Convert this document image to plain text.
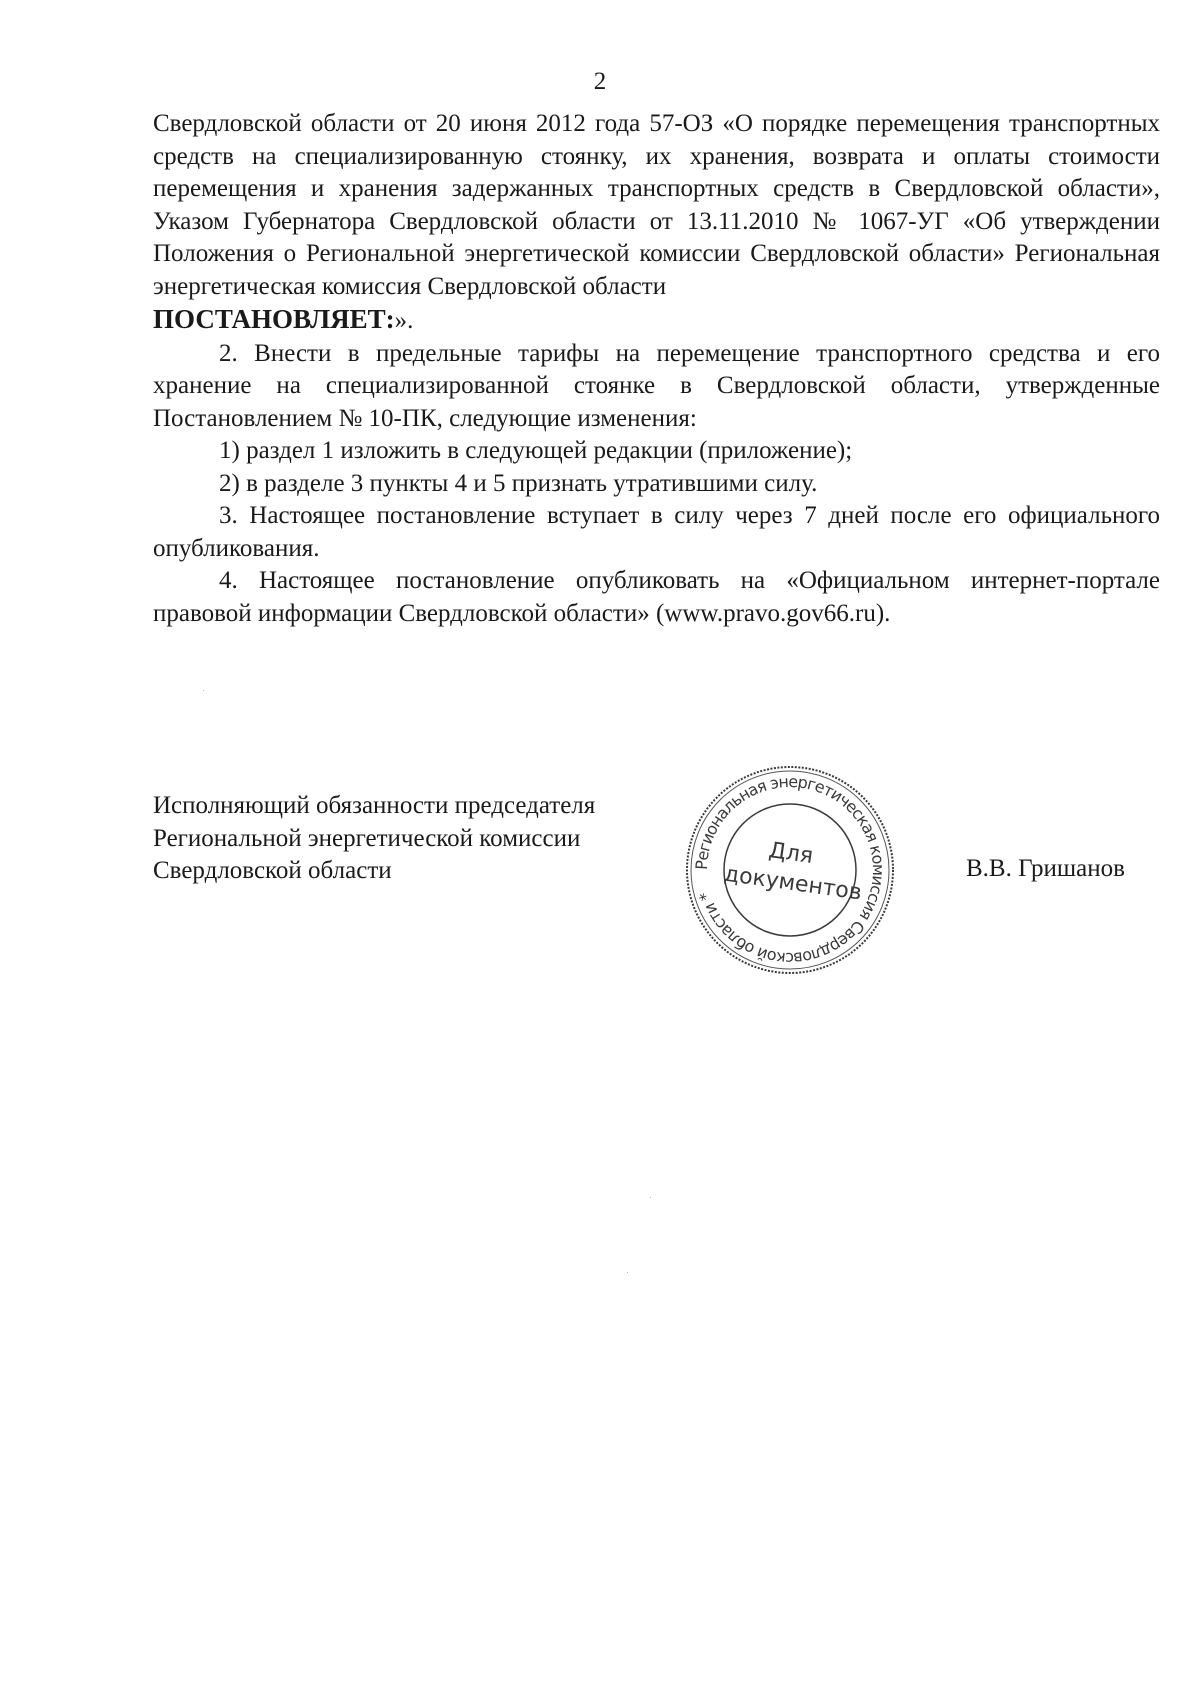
2

Свердловской области от 20 июня 2012 года 57-ОЗ «О порядке перемещения транспортных средств на специализированную стоянку, их хранения, возврата и оплаты стоимости перемещения и хранения задержанных транспортных средств в Свердловской области», Указом Губернатора Свердловской области от 13.11.2010 № 1067-УГ «Об утверждении Положения о Региональной энергетической комиссии Свердловской области» Региональная энергетическая комиссия Свердловской области

ПОСТАНОВЛЯЕТ:».

2. Внести в предельные тарифы на перемещение транспортного средства и его хранение на специализированной стоянке в Свердловской области, утвержденные Постановлением № 10-ПК, следующие изменения:

1) раздел 1 изложить в следующей редакции (приложение);

2) в разделе 3 пункты 4 и 5 признать утратившими силу.

3. Настоящее постановление вступает в силу через 7 дней после его официального опубликования.

4. Настоящее постановление опубликовать на «Официальном интернет-портале правовой информации Свердловской области» (www.pravo.gov66.ru).

Исполняющий обязанности председателя
Региональной энергетической комиссии
Свердловской области	Региональная энергетическая комиссия Свердловской области *
Для
документов	В.В. Гришанов
